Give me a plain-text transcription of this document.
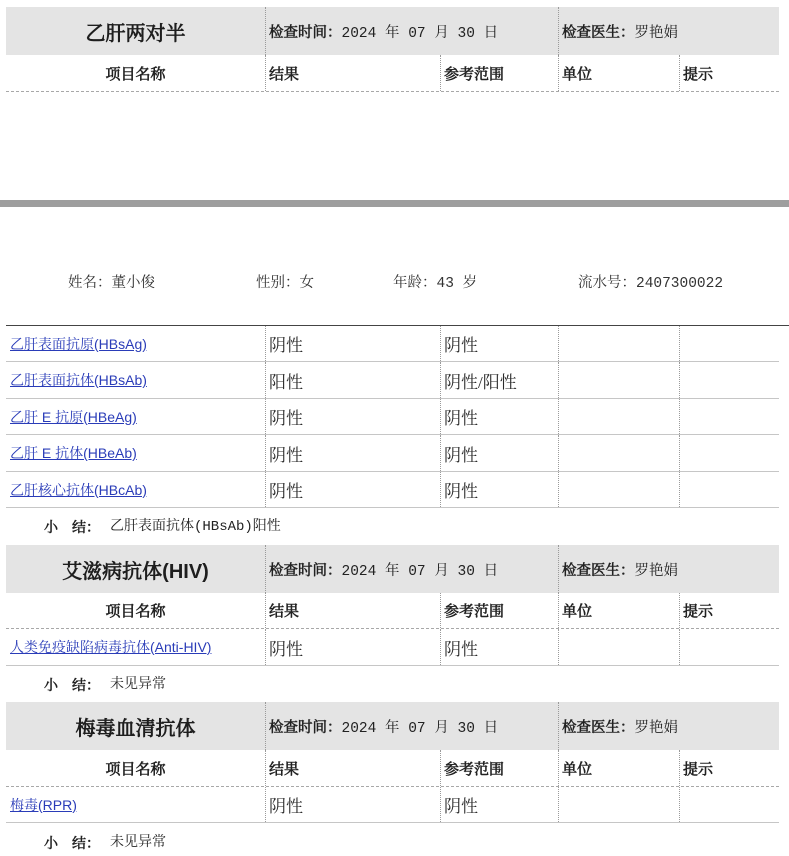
乙肝两对半	检查时间： 2024 年 07 月 30 日	检查医生： 罗艳娟
项目名称	结果	参考范围	单位	提示
姓名：董小俊	性别：女	年龄：43 岁	流水号：2407300022
乙肝表面抗原(HBsAg)	阴性	阴性
乙肝表面抗体(HBsAb)	阳性	阴性/阳性
乙肝 E 抗原(HBeAg)	阴性	阴性
乙肝 E 抗体(HBeAb)	阴性	阴性
乙肝核心抗体(HBcAb)	阴性	阴性
小　结： 乙肝表面抗体(HBsAb)阳性
艾滋病抗体(HIV)	检查时间： 2024 年 07 月 30 日	检查医生： 罗艳娟
项目名称	结果	参考范围	单位	提示
人类免疫缺陷病毒抗体(Anti-HIV)	阴性	阴性
小　结： 未见异常
梅毒血清抗体	检查时间： 2024 年 07 月 30 日	检查医生： 罗艳娟
项目名称	结果	参考范围	单位	提示
梅毒(RPR)	阴性	阴性
小　结： 未见异常
